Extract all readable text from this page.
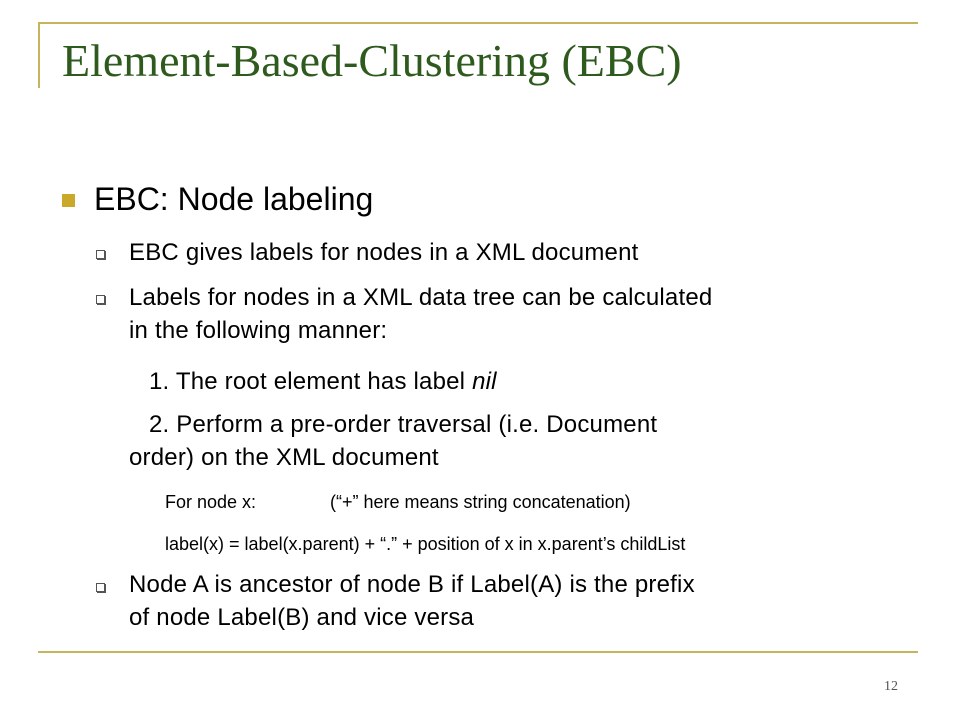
Element-Based-Clustering (EBC)
EBC: Node labeling
EBC gives labels for nodes in a XML document
Labels for nodes in a XML data tree can be calculated
in the following manner:
1. The root element has label nil
2. Perform a pre-order traversal (i.e. Document
order) on the XML document
For node x:	(“+” here means string concatenation)
label(x) = label(x.parent) + “.” + position of x in x.parent’s childList
Node A is ancestor of node B if Label(A) is the prefix
of node Label(B) and vice versa
12
